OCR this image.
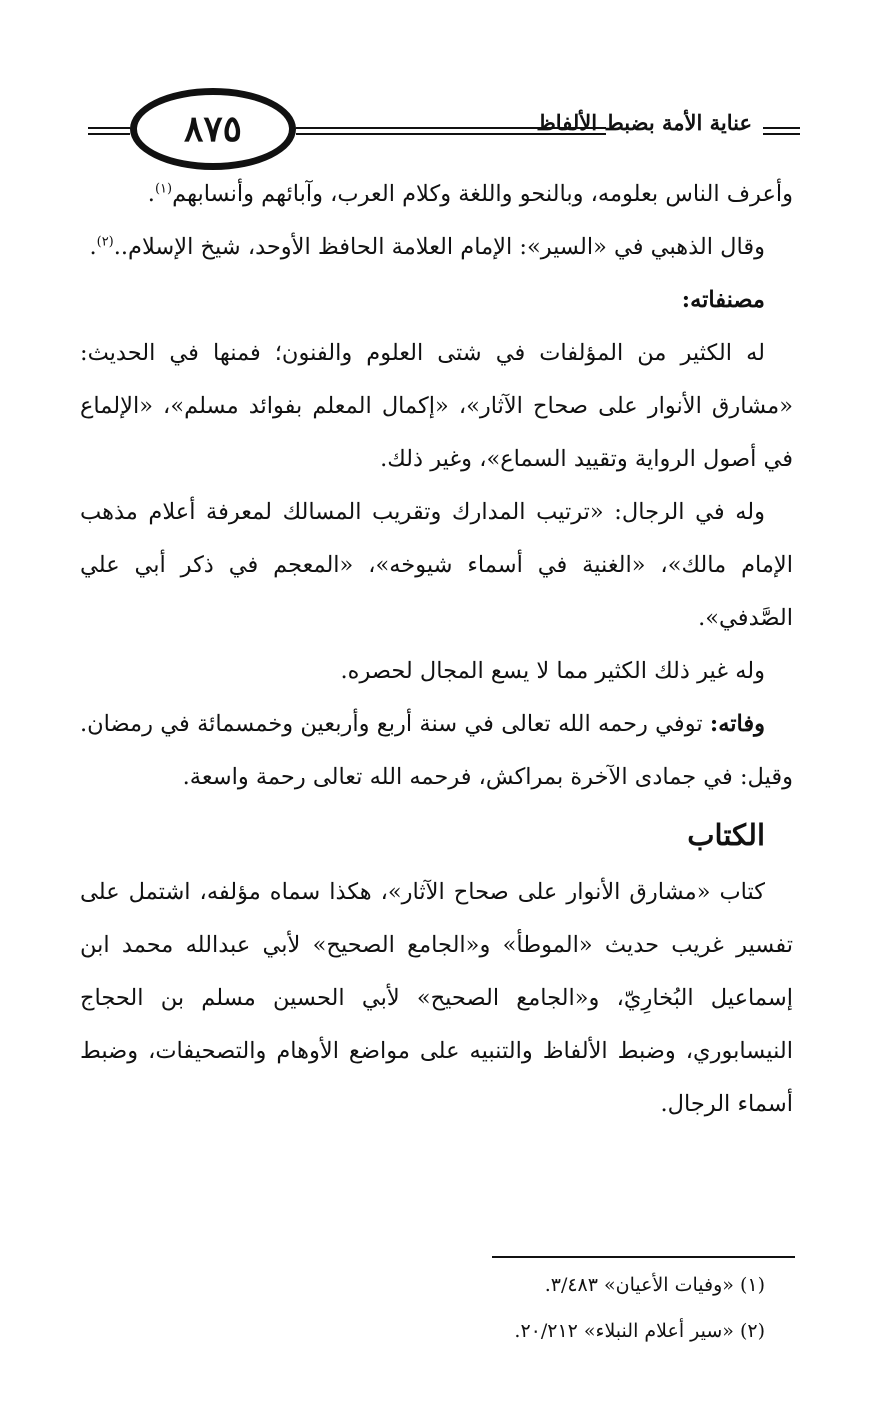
عناية الأمة بضبط الألفاظ
٨٧٥

وأعرف الناس بعلومه، وبالنحو واللغة وكلام العرب، وآبائهم وأنسابهم$^{(١)}$.

وقال الذهبي في «السير»: الإمام العلامة الحافظ الأوحد، شيخ الإسلام..$^{(٢)}$.

مصنفاته:

له الكثير من المؤلفات في شتى العلوم والفنون؛ فمنها في الحديث: «مشارق الأنوار على صحاح الآثار»، «إكمال المعلم بفوائد مسلم»، «الإلماع في أصول الرواية وتقييد السماع»، وغير ذلك.

وله في الرجال: «ترتيب المدارك وتقريب المسالك لمعرفة أعلام مذهب الإمام مالك»، «الغنية في أسماء شيوخه»، «المعجم في ذكر أبي علي الصَّدفي».

وله غير ذلك الكثير مما لا يسع المجال لحصره.

وفاته: توفي رحمه الله تعالى في سنة أربع وأربعين وخمسمائة في رمضان. وقيل: في جمادى الآخرة بمراكش، فرحمه الله تعالى رحمة واسعة.

الكتاب

كتاب «مشارق الأنوار على صحاح الآثار»، هكذا سماه مؤلفه، اشتمل على تفسير غريب حديث «الموطأ» و«الجامع الصحيح» لأبي عبدالله محمد ابن إسماعيل البُخارِيّ، و«الجامع الصحيح» لأبي الحسين مسلم بن الحجاج النيسابوري، وضبط الألفاظ والتنبيه على مواضع الأوهام والتصحيفات، وضبط أسماء الرجال.

(١) «وفيات الأعيان» ٣/٤٨٣.

(٢) «سير أعلام النبلاء» ٢٠/٢١٢.
